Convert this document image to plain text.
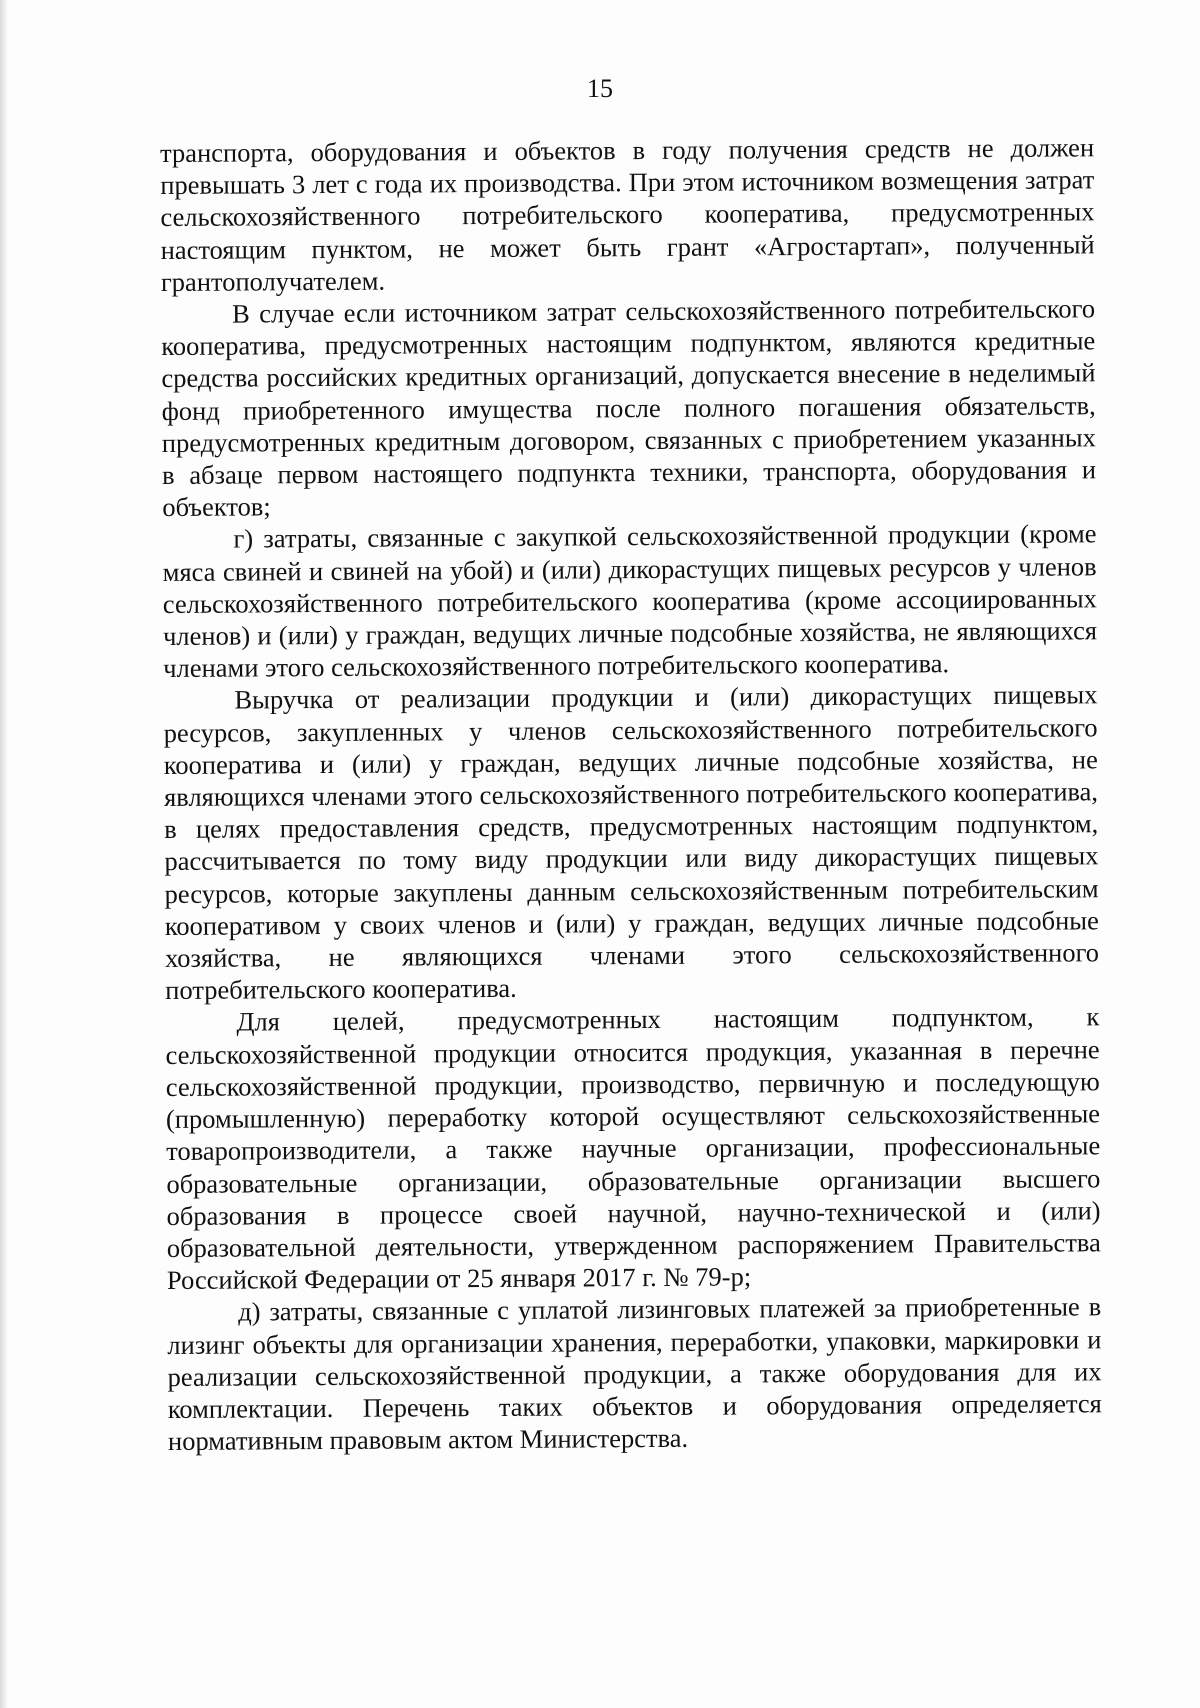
15

транспорта, оборудования и объектов в году получения средств не должен превышать 3 лет с года их производства. При этом источником возмещения затрат сельскохозяйственного потребительского кооператива, предусмотренных настоящим пунктом, не может быть грант «Агростартап», полученный грантополучателем.

В случае если источником затрат сельскохозяйственного потребительского кооператива, предусмотренных настоящим подпунктом, являются кредитные средства российских кредитных организаций, допускается внесение в неделимый фонд приобретенного имущества после полного погашения обязательств, предусмотренных кредитным договором, связанных с приобретением указанных в абзаце первом настоящего подпункта техники, транспорта, оборудования и объектов;

г) затраты, связанные с закупкой сельскохозяйственной продукции (кроме мяса свиней и свиней на убой) и (или) дикорастущих пищевых ресурсов у членов сельскохозяйственного потребительского кооператива (кроме ассоциированных членов) и (или) у граждан, ведущих личные подсобные хозяйства, не являющихся членами этого сельскохозяйственного потребительского кооператива.

Выручка от реализации продукции и (или) дикорастущих пищевых ресурсов, закупленных у членов сельскохозяйственного потребительского кооператива и (или) у граждан, ведущих личные подсобные хозяйства, не являющихся членами этого сельскохозяйственного потребительского кооператива, в целях предоставления средств, предусмотренных настоящим подпунктом, рассчитывается по тому виду продукции или виду дикорастущих пищевых ресурсов, которые закуплены данным сельскохозяйственным потребительским кооперативом у своих членов и (или) у граждан, ведущих личные подсобные хозяйства, не являющихся членами этого сельскохозяйственного потребительского кооператива.

Для целей, предусмотренных настоящим подпунктом, к сельскохозяйственной продукции относится продукция, указанная в перечне сельскохозяйственной продукции, производство, первичную и последующую (промышленную) переработку которой осуществляют сельскохозяйственные товаропроизводители, а также научные организации, профессиональные образовательные организации, образовательные организации высшего образования в процессе своей научной, научно-технической и (или) образовательной деятельности, утвержденном распоряжением Правительства Российской Федерации от 25 января 2017 г. № 79-р;

д) затраты, связанные с уплатой лизинговых платежей за приобретенные в лизинг объекты для организации хранения, переработки, упаковки, маркировки и реализации сельскохозяйственной продукции, а также оборудования для их комплектации. Перечень таких объектов и оборудования определяется нормативным правовым актом Министерства.
